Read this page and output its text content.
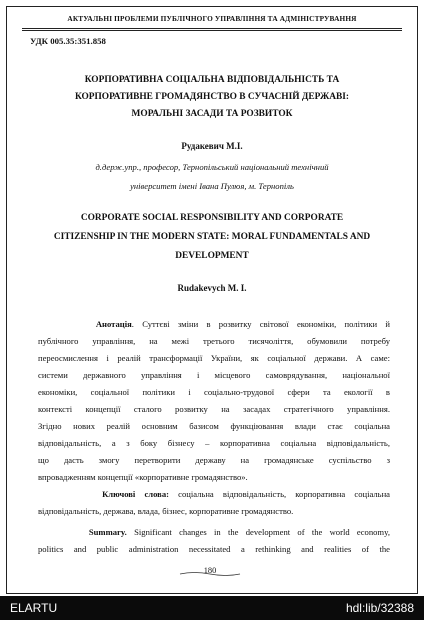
АКТУАЛЬНІ ПРОБЛЕМИ ПУБЛІЧНОГО УПРАВЛІННЯ ТА АДМІНІСТРУВАННЯ
УДК 005.35:351.858
КОРПОРАТИВНА СОЦІАЛЬНА ВІДПОВІДАЛЬНІСТЬ ТА
КОРПОРАТИВНЕ ГРОМАДЯНСТВО В СУЧАСНІЙ ДЕРЖАВІ:
МОРАЛЬНІ ЗАСАДИ ТА РОЗВИТОК
Рудакевич М.І.
д.держ.упр., професор, Тернопільський національний технічний
університет імені Івана Пулюя, м. Тернопіль
CORPORATE SOCIAL RESPONSIBILITY AND CORPORATE
CITIZENSHIP IN THE MODERN STATE: MORAL FUNDAMENTALS AND
DEVELOPMENT
Rudakevych M. I.
Анотація. Суттєві зміни в розвитку світової економіки, політики й
публічного управління, на межі третього тисячоліття, обумовили потребу
переосмислення і реалій трансформації України, як соціальної держави. А саме:
системи державного управління і місцевого самоврядування, національної
економіки, соціальної політики і соціально-трудової сфери та екології в
контексті концепції сталого розвитку на засадах стратегічного управління.
Згідно нових реалій основним базисом функціювання влади стає соціальна
відповідальність, а з боку бізнесу – корпоративна соціальна відповідальність,
що дасть змогу перетворити державу на громадянське суспільство з
впровадженням концепції «корпоративне громадянство».
Ключові слова: соціальна відповідальність, корпоративна соціальна
відповідальність, держава, влада, бізнес, корпоративне громадянство.
Summary. Significant changes in the development of the world economy,
politics and public administration necessitated a rethinking and realities of the
180
ELARTU	hdl:lib/32388
